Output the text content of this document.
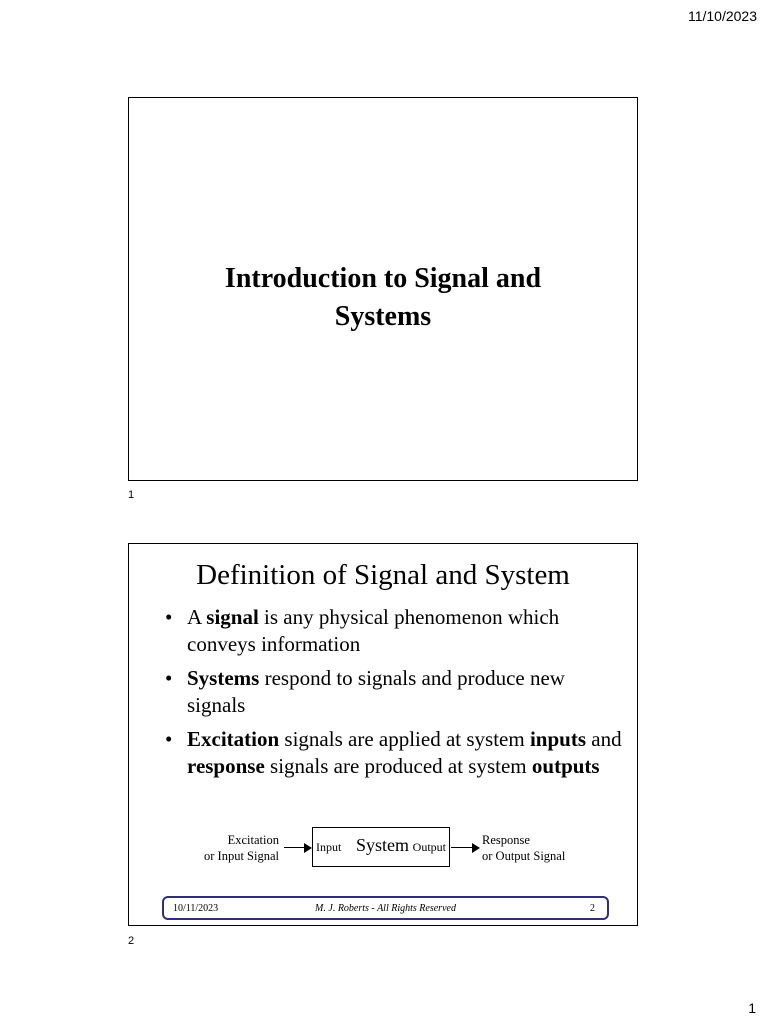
11/10/2023
Introduction to Signal and
Systems
1
Definition of Signal and System
• A signal is any physical phenomenon which conveys information
• Systems respond to signals and produce new signals
• Excitation signals are applied at system inputs and response signals are produced at system outputs
Excitation
or Input Signal
Input System Output	Response
or Output Signal
10/11/2023	M. J. Roberts - All Rights Reserved	2
2
1
